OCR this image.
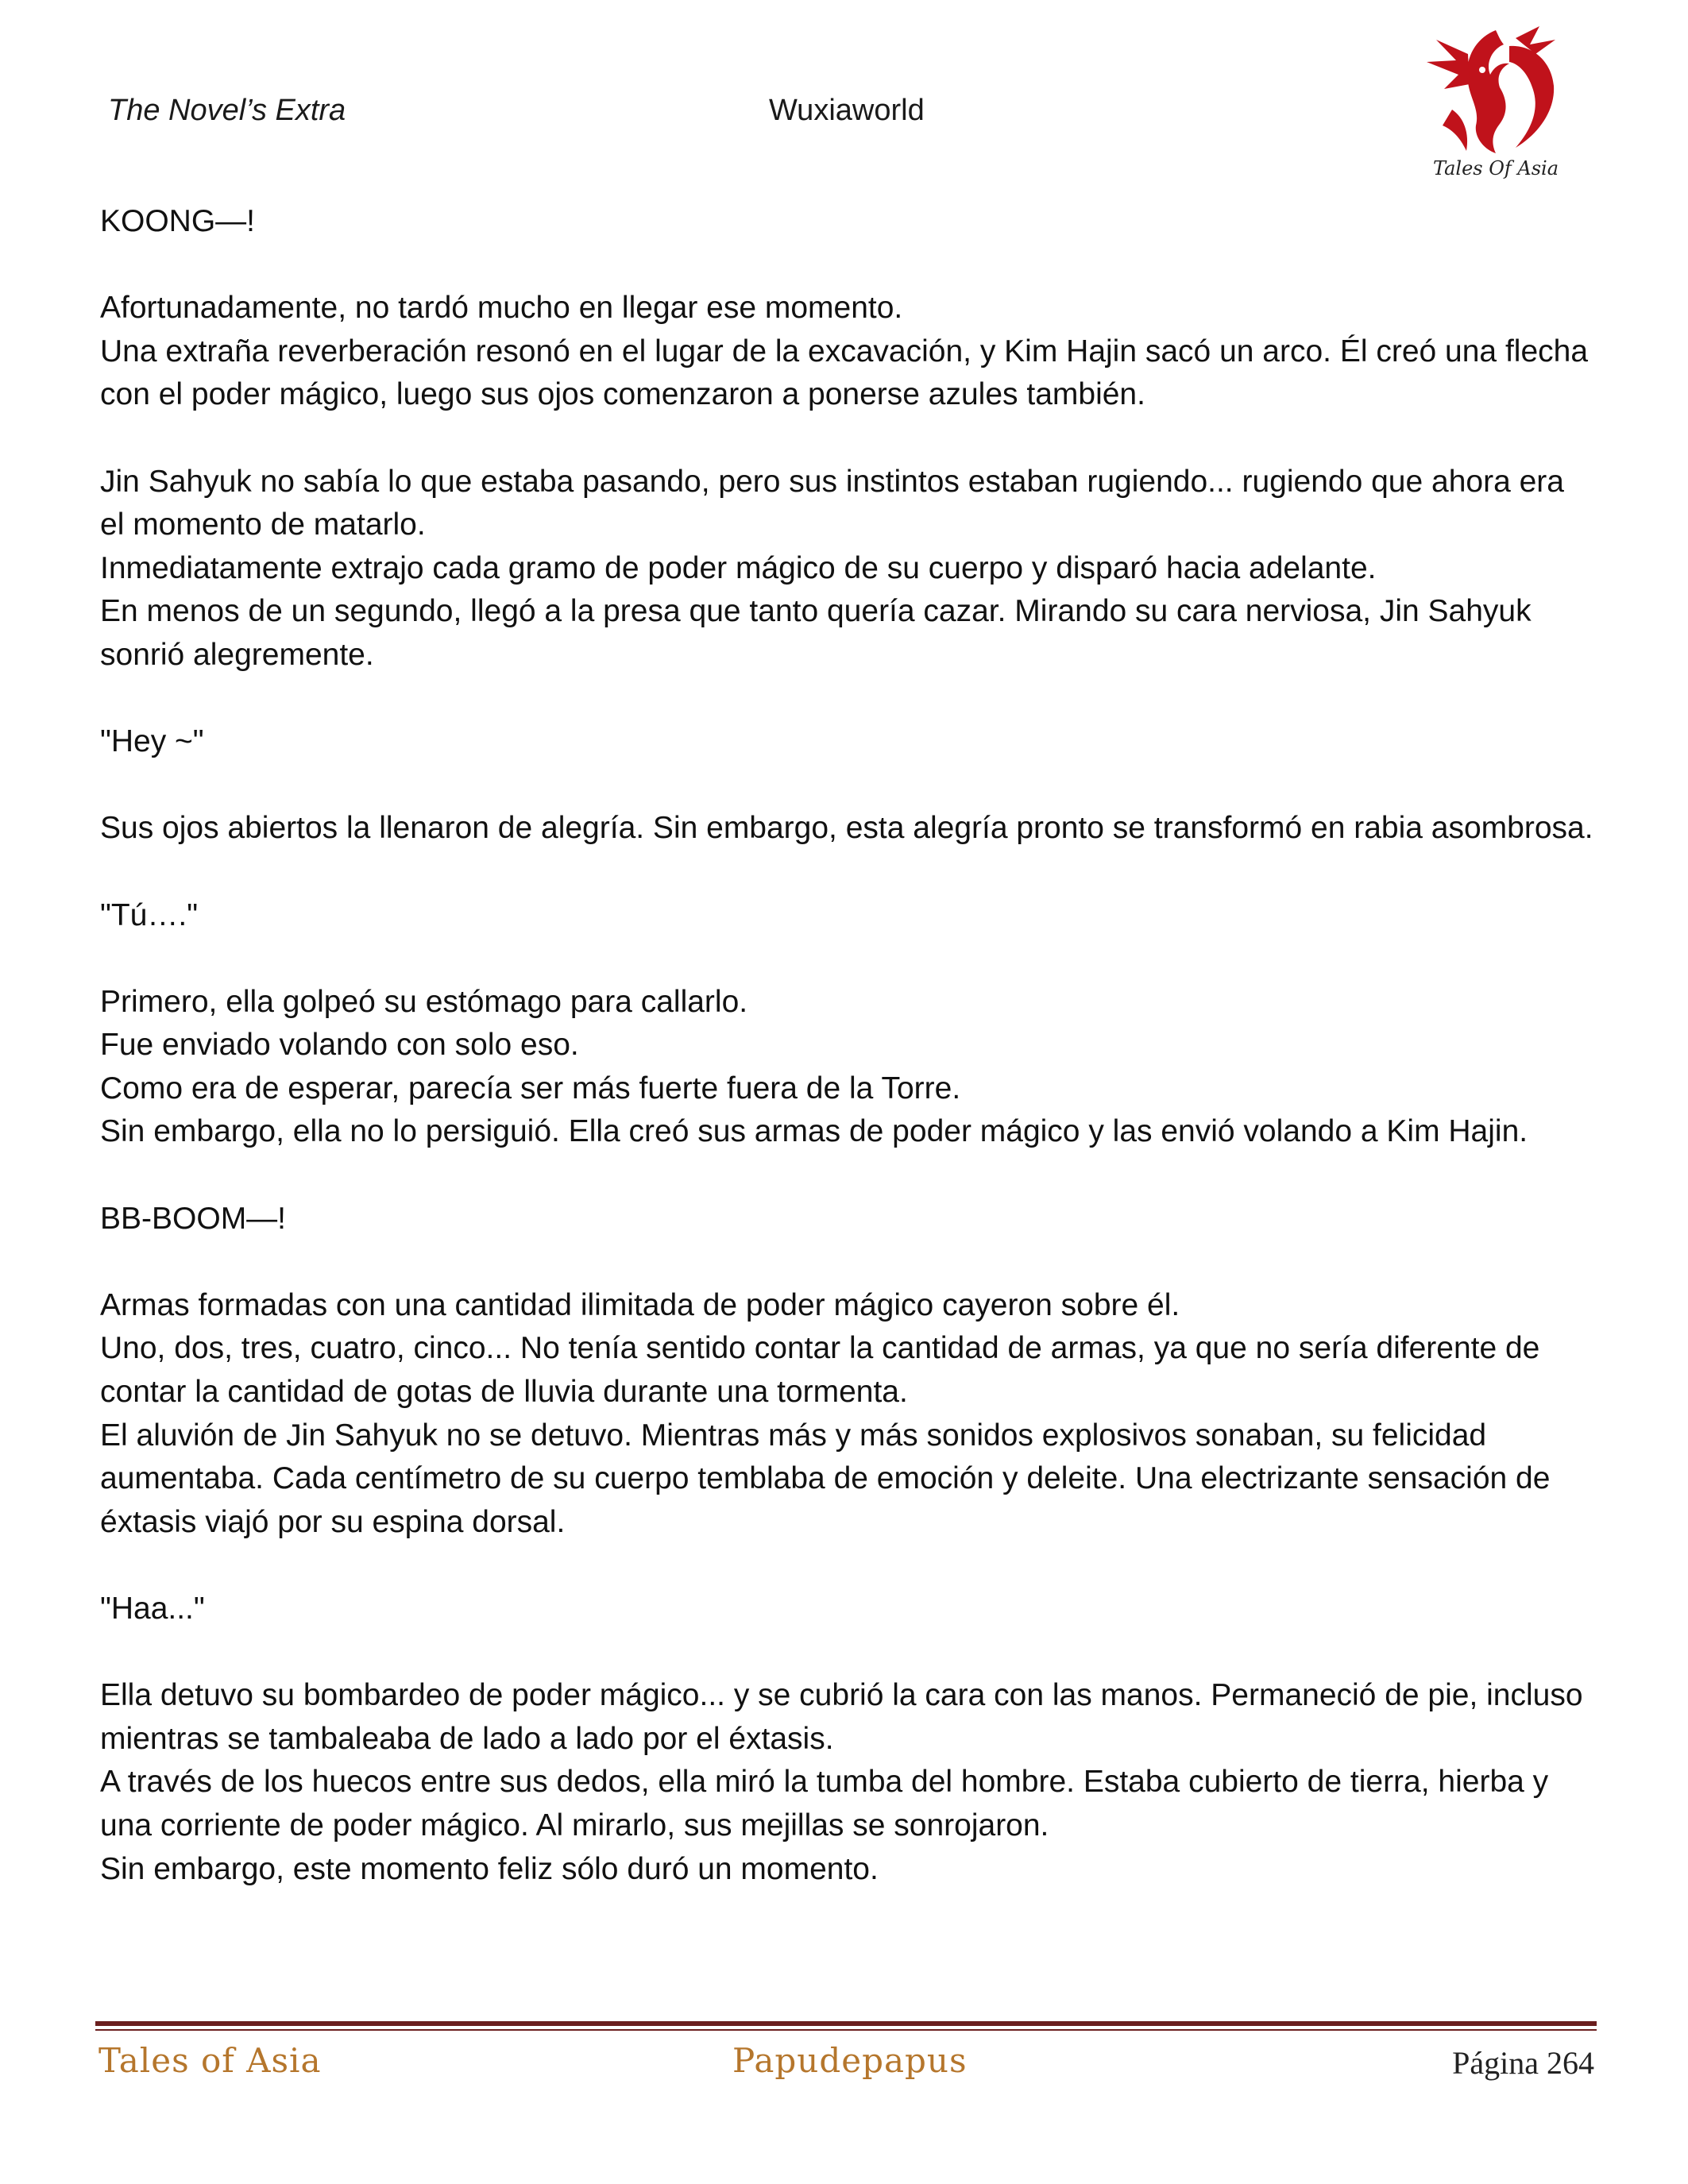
The Novel’s Extra	Wuxiaworld
Tales Of Asia

KOONG—!

Afortunadamente, no tardó mucho en llegar ese momento.
Una extraña reverberación resonó en el lugar de la excavación, y Kim Hajin sacó un arco. Él creó una flecha con el poder mágico, luego sus ojos comenzaron a ponerse azules también.

Jin Sahyuk no sabía lo que estaba pasando, pero sus instintos estaban rugiendo... rugiendo que ahora era el momento de matarlo.
Inmediatamente extrajo cada gramo de poder mágico de su cuerpo y disparó hacia adelante.
En menos de un segundo, llegó a la presa que tanto quería cazar. Mirando su cara nerviosa, Jin Sahyuk sonrió alegremente.

"Hey ~"

Sus ojos abiertos la llenaron de alegría. Sin embargo, esta alegría pronto se transformó en rabia asombrosa.

"Tú…."

Primero, ella golpeó su estómago para callarlo.
Fue enviado volando con solo eso.
Como era de esperar, parecía ser más fuerte fuera de la Torre.
Sin embargo, ella no lo persiguió. Ella creó sus armas de poder mágico y las envió volando a Kim Hajin.

BB-BOOM—!

Armas formadas con una cantidad ilimitada de poder mágico cayeron sobre él.
Uno, dos, tres, cuatro, cinco... No tenía sentido contar la cantidad de armas, ya que no sería diferente de contar la cantidad de gotas de lluvia durante una tormenta.
El aluvión de Jin Sahyuk no se detuvo. Mientras más y más sonidos explosivos sonaban, su felicidad aumentaba. Cada centímetro de su cuerpo temblaba de emoción y deleite. Una electrizante sensación de éxtasis viajó por su espina dorsal.

"Haa..."

Ella detuvo su bombardeo de poder mágico... y se cubrió la cara con las manos. Permaneció de pie, incluso mientras se tambaleaba de lado a lado por el éxtasis.
A través de los huecos entre sus dedos, ella miró la tumba del hombre. Estaba cubierto de tierra, hierba y una corriente de poder mágico. Al mirarlo, sus mejillas se sonrojaron.
Sin embargo, este momento feliz sólo duró un momento.

Tales of Asia	Papudepapus	Página 264
